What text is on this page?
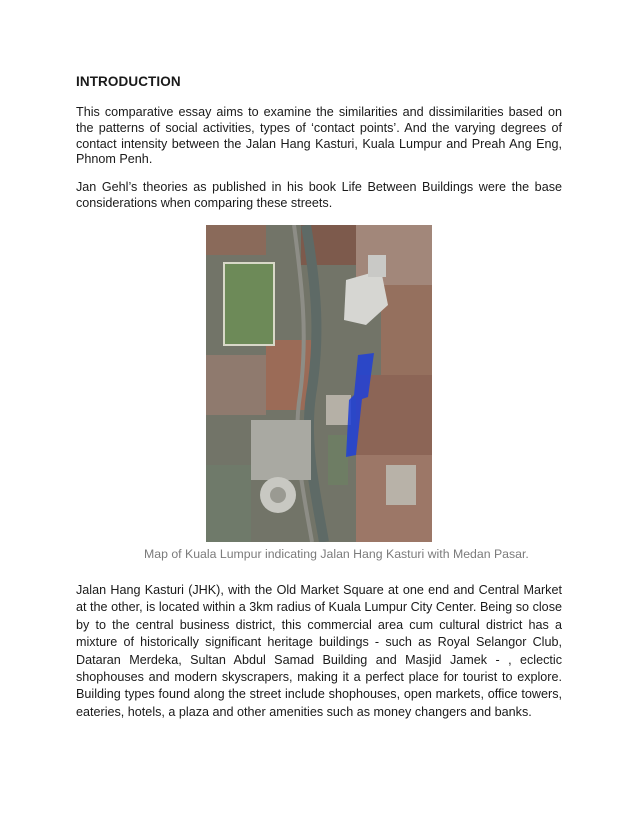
INTRODUCTION

This comparative essay aims to examine the similarities and dissimilarities based on the patterns of social activities, types of ‘contact points’. And the varying degrees of contact intensity between the Jalan Hang Kasturi, Kuala Lumpur and Preah Ang Eng, Phnom Penh.

Jan Gehl’s theories as published in his book Life Between Buildings were the base considerations when comparing these streets.

Map of Kuala Lumpur indicating Jalan Hang Kasturi with Medan Pasar.

Jalan Hang Kasturi (JHK), with the Old Market Square at one end and Central Market at the other, is located within a 3km radius of Kuala Lumpur City Center. Being so close by to the central business district, this commercial area cum cultural district has a mixture of historically significant heritage buildings - such as Royal Selangor Club, Dataran Merdeka, Sultan Abdul Samad Building and Masjid Jamek - , eclectic shophouses and modern skyscrapers, making it a perfect place for tourist to explore. Building types found along the street include shophouses, open markets, office towers, eateries, hotels, a plaza and other amenities such as money changers and banks.
